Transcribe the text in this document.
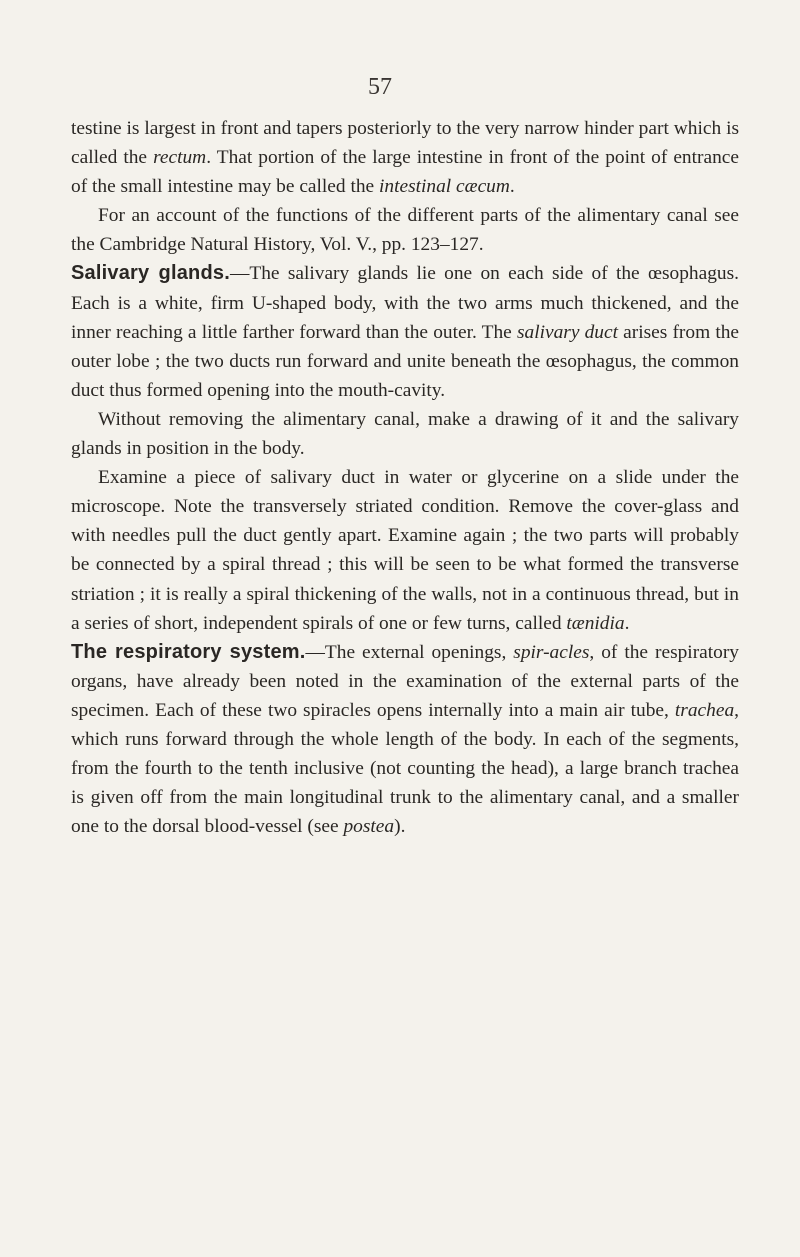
57

testine is largest in front and tapers posteriorly to the very narrow hinder part which is called the rectum. That portion of the large intestine in front of the point of entrance of the small intestine may be called the intestinal cæcum.

For an account of the functions of the different parts of the alimentary canal see the Cambridge Natural History, Vol. V., pp. 123–127.

Salivary glands.—The salivary glands lie one on each side of the œsophagus. Each is a white, firm U-shaped body, with the two arms much thickened, and the inner reaching a little farther forward than the outer. The salivary duct arises from the outer lobe ; the two ducts run forward and unite beneath the œsophagus, the common duct thus formed opening into the mouth-cavity.

Without removing the alimentary canal, make a drawing of it and the salivary glands in position in the body.

Examine a piece of salivary duct in water or glycerine on a slide under the microscope. Note the transversely striated condition. Remove the cover-glass and with needles pull the duct gently apart. Examine again ; the two parts will probably be connected by a spiral thread ; this will be seen to be what formed the transverse striation ; it is really a spiral thickening of the walls, not in a continuous thread, but in a series of short, independent spirals of one or few turns, called tænidia.

The respiratory system.—The external openings, spir-acles, of the respiratory organs, have already been noted in the examination of the external parts of the specimen. Each of these two spiracles opens internally into a main air tube, trachea, which runs forward through the whole length of the body. In each of the segments, from the fourth to the tenth inclusive (not counting the head), a large branch trachea is given off from the main longitudinal trunk to the alimentary canal, and a smaller one to the dorsal blood-vessel (see postea).
